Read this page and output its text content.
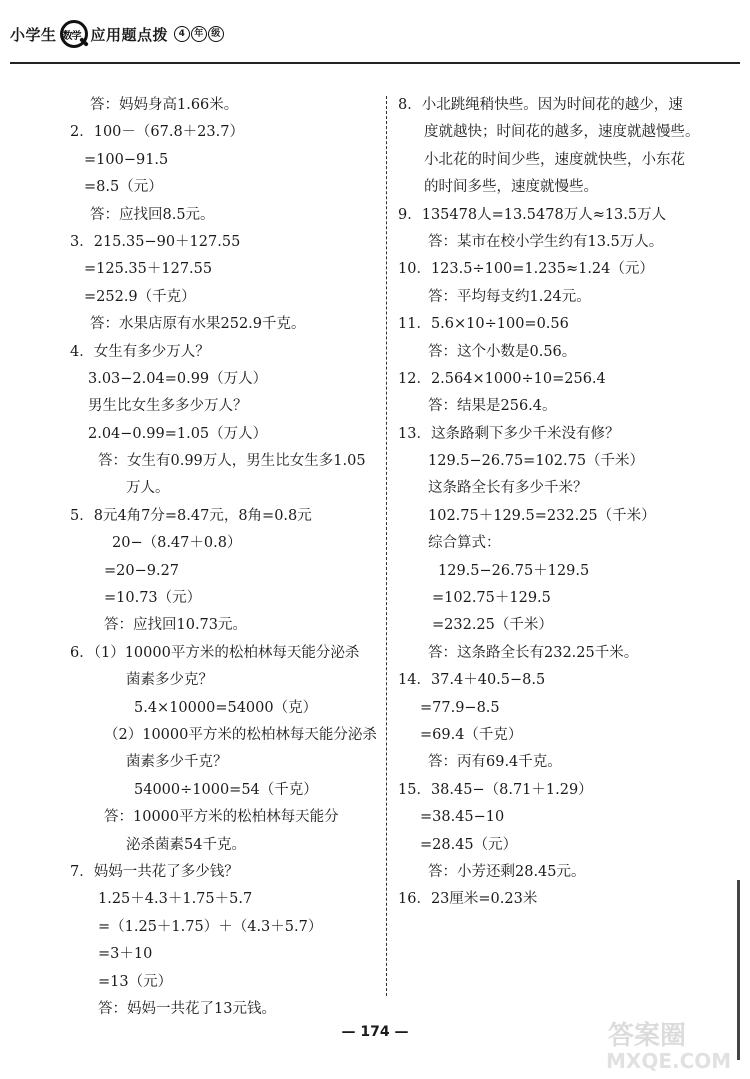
小学生 数学 应用题点拨	4 年 级
答：妈妈身高1.66米。
2．100－（67.8＋23.7）
=100−91.5
=8.5（元）
答：应找回8.5元。
3．215.35−90＋127.55
=125.35＋127.55
=252.9（千克）
答：水果店原有水果252.9千克。
4．女生有多少万人？
3.03−2.04=0.99（万人）
男生比女生多多少万人？
2.04−0.99=1.05（万人）
答：女生有0.99万人，男生比女生多1.05
万人。
5．8元4角7分=8.47元，8角=0.8元
20−（8.47＋0.8）
=20−9.27
=10.73（元）
答：应找回10.73元。
6．（1）10000平方米的松柏林每天能分泌杀
菌素多少克？
5.4×10000=54000（克）
（2）10000平方米的松柏林每天能分泌杀
菌素多少千克？
54000÷1000=54（千克）
答：10000平方米的松柏林每天能分
泌杀菌素54千克。
7．妈妈一共花了多少钱？
1.25＋4.3＋1.75＋5.7
=（1.25＋1.75）＋（4.3＋5.7）
=3＋10
=13（元）
答：妈妈一共花了13元钱。
8．小北跳绳稍快些。因为时间花的越少，速
度就越快；时间花的越多，速度就越慢些。
小北花的时间少些，速度就快些，小东花
的时间多些，速度就慢些。
9．135478人=13.5478万人≈13.5万人
答：某市在校小学生约有13.5万人。
10．123.5÷100=1.235≈1.24（元）
答：平均每支约1.24元。
11．5.6×10÷100=0.56
答：这个小数是0.56。
12．2.564×1000÷10=256.4
答：结果是256.4。
13．这条路剩下多少千米没有修？
129.5−26.75=102.75（千米）
这条路全长有多少千米？
102.75＋129.5=232.25（千米）
综合算式：
129.5−26.75＋129.5
=102.75＋129.5
=232.25（千米）
答：这条路全长有232.25千米。
14．37.4＋40.5−8.5
=77.9−8.5
=69.4（千克）
答：丙有69.4千克。
15．38.45−（8.71＋1.29）
=38.45−10
=28.45（元）
答：小芳还剩28.45元。
16．23厘米=0.23米
— 174 —	答案圈
MXQE.COM
